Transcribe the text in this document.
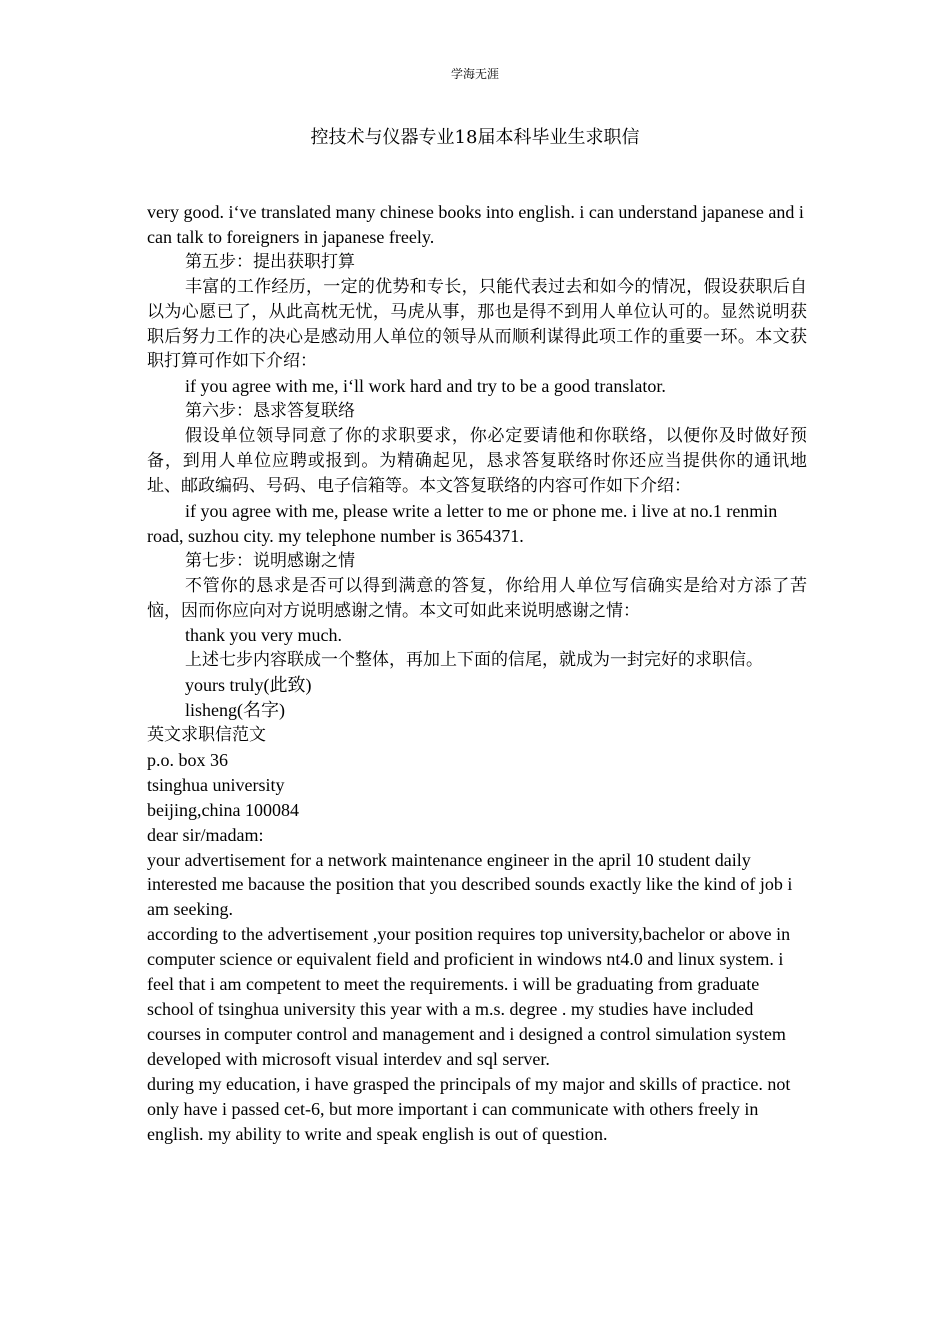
学海无涯
控技术与仪器专业18届本科毕业生求职信

very good. i‘ve translated many chinese books into english. i can understand japanese and i can talk to foreigners in japanese freely.

第五步：提出获职打算

丰富的工作经历，一定的优势和专长，只能代表过去和如今的情况，假设获职后自以为心愿已了，从此高枕无忧，马虎从事，那也是得不到用人单位认可的。显然说明获职后努力工作的决心是感动用人单位的领导从而顺利谋得此项工作的重要一环。本文获职打算可作如下介绍：

if you agree with me, i‘ll work hard and try to be a good translator.

第六步：恳求答复联络

假设单位领导同意了你的求职要求，你必定要请他和你联络，以便你及时做好预备，到用人单位应聘或报到。为精确起见，恳求答复联络时你还应当提供你的通讯地址、邮政编码、号码、电子信箱等。本文答复联络的内容可作如下介绍：

if you agree with me, please write a letter to me or phone me. i live at no.1 renmin road, suzhou city. my telephone number is 3654371.

第七步：说明感谢之情

不管你的恳求是否可以得到满意的答复，你给用人单位写信确实是给对方添了苦恼，因而你应向对方说明感谢之情。本文可如此来说明感谢之情：

thank you very much.

上述七步内容联成一个整体，再加上下面的信尾，就成为一封完好的求职信。

yours truly(此致)

lisheng(名字)

英文求职信范文

p.o. box 36

tsinghua university

beijing,china 100084

dear sir/madam:

your advertisement for a network maintenance engineer in the april 10 student daily interested me bacause the position that you described sounds exactly like the kind of job i am seeking.

according to the advertisement ,your position requires top university,bachelor or above in computer science or equivalent field and proficient in windows nt4.0 and linux system. i feel that i am competent to meet the requirements. i will be graduating from graduate school of tsinghua university this year with a m.s. degree . my studies have included courses in computer control and management and i designed a control simulation system developed with microsoft visual interdev and sql server.

during my education, i have grasped the principals of my major and skills of practice. not only have i passed cet-6, but more important i can communicate with others freely in english. my ability to write and speak english is out of question.
